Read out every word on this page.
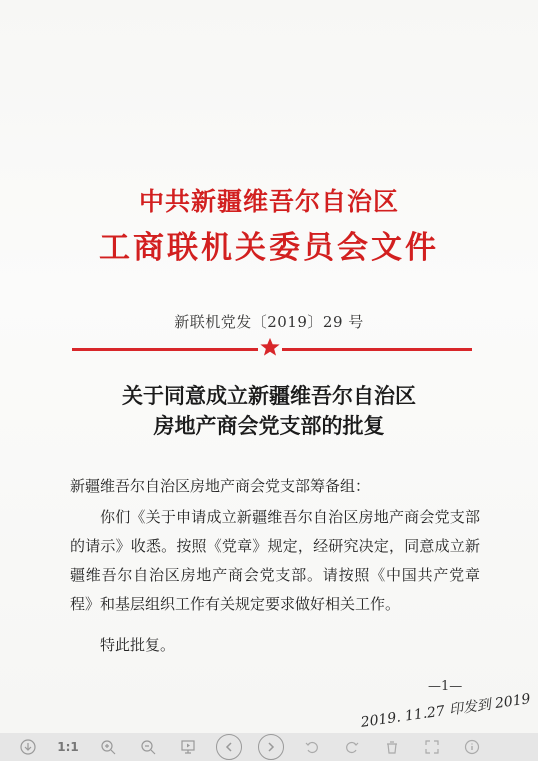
中共新疆维吾尔自治区
工商联机关委员会文件
新联机党发〔2019〕29 号
关于同意成立新疆维吾尔自治区
房地产商会党支部的批复
新疆维吾尔自治区房地产商会党支部筹备组：
你们《关于申请成立新疆维吾尔自治区房地产商会党支部的请示》收悉。按照《党章》规定，经研究决定，同意成立新疆维吾尔自治区房地产商会党支部。请按照《中国共产党章程》和基层组织工作有关规定要求做好相关工作。
特此批复。
—1—
2019. 11.27 印发到 2019
1:1
